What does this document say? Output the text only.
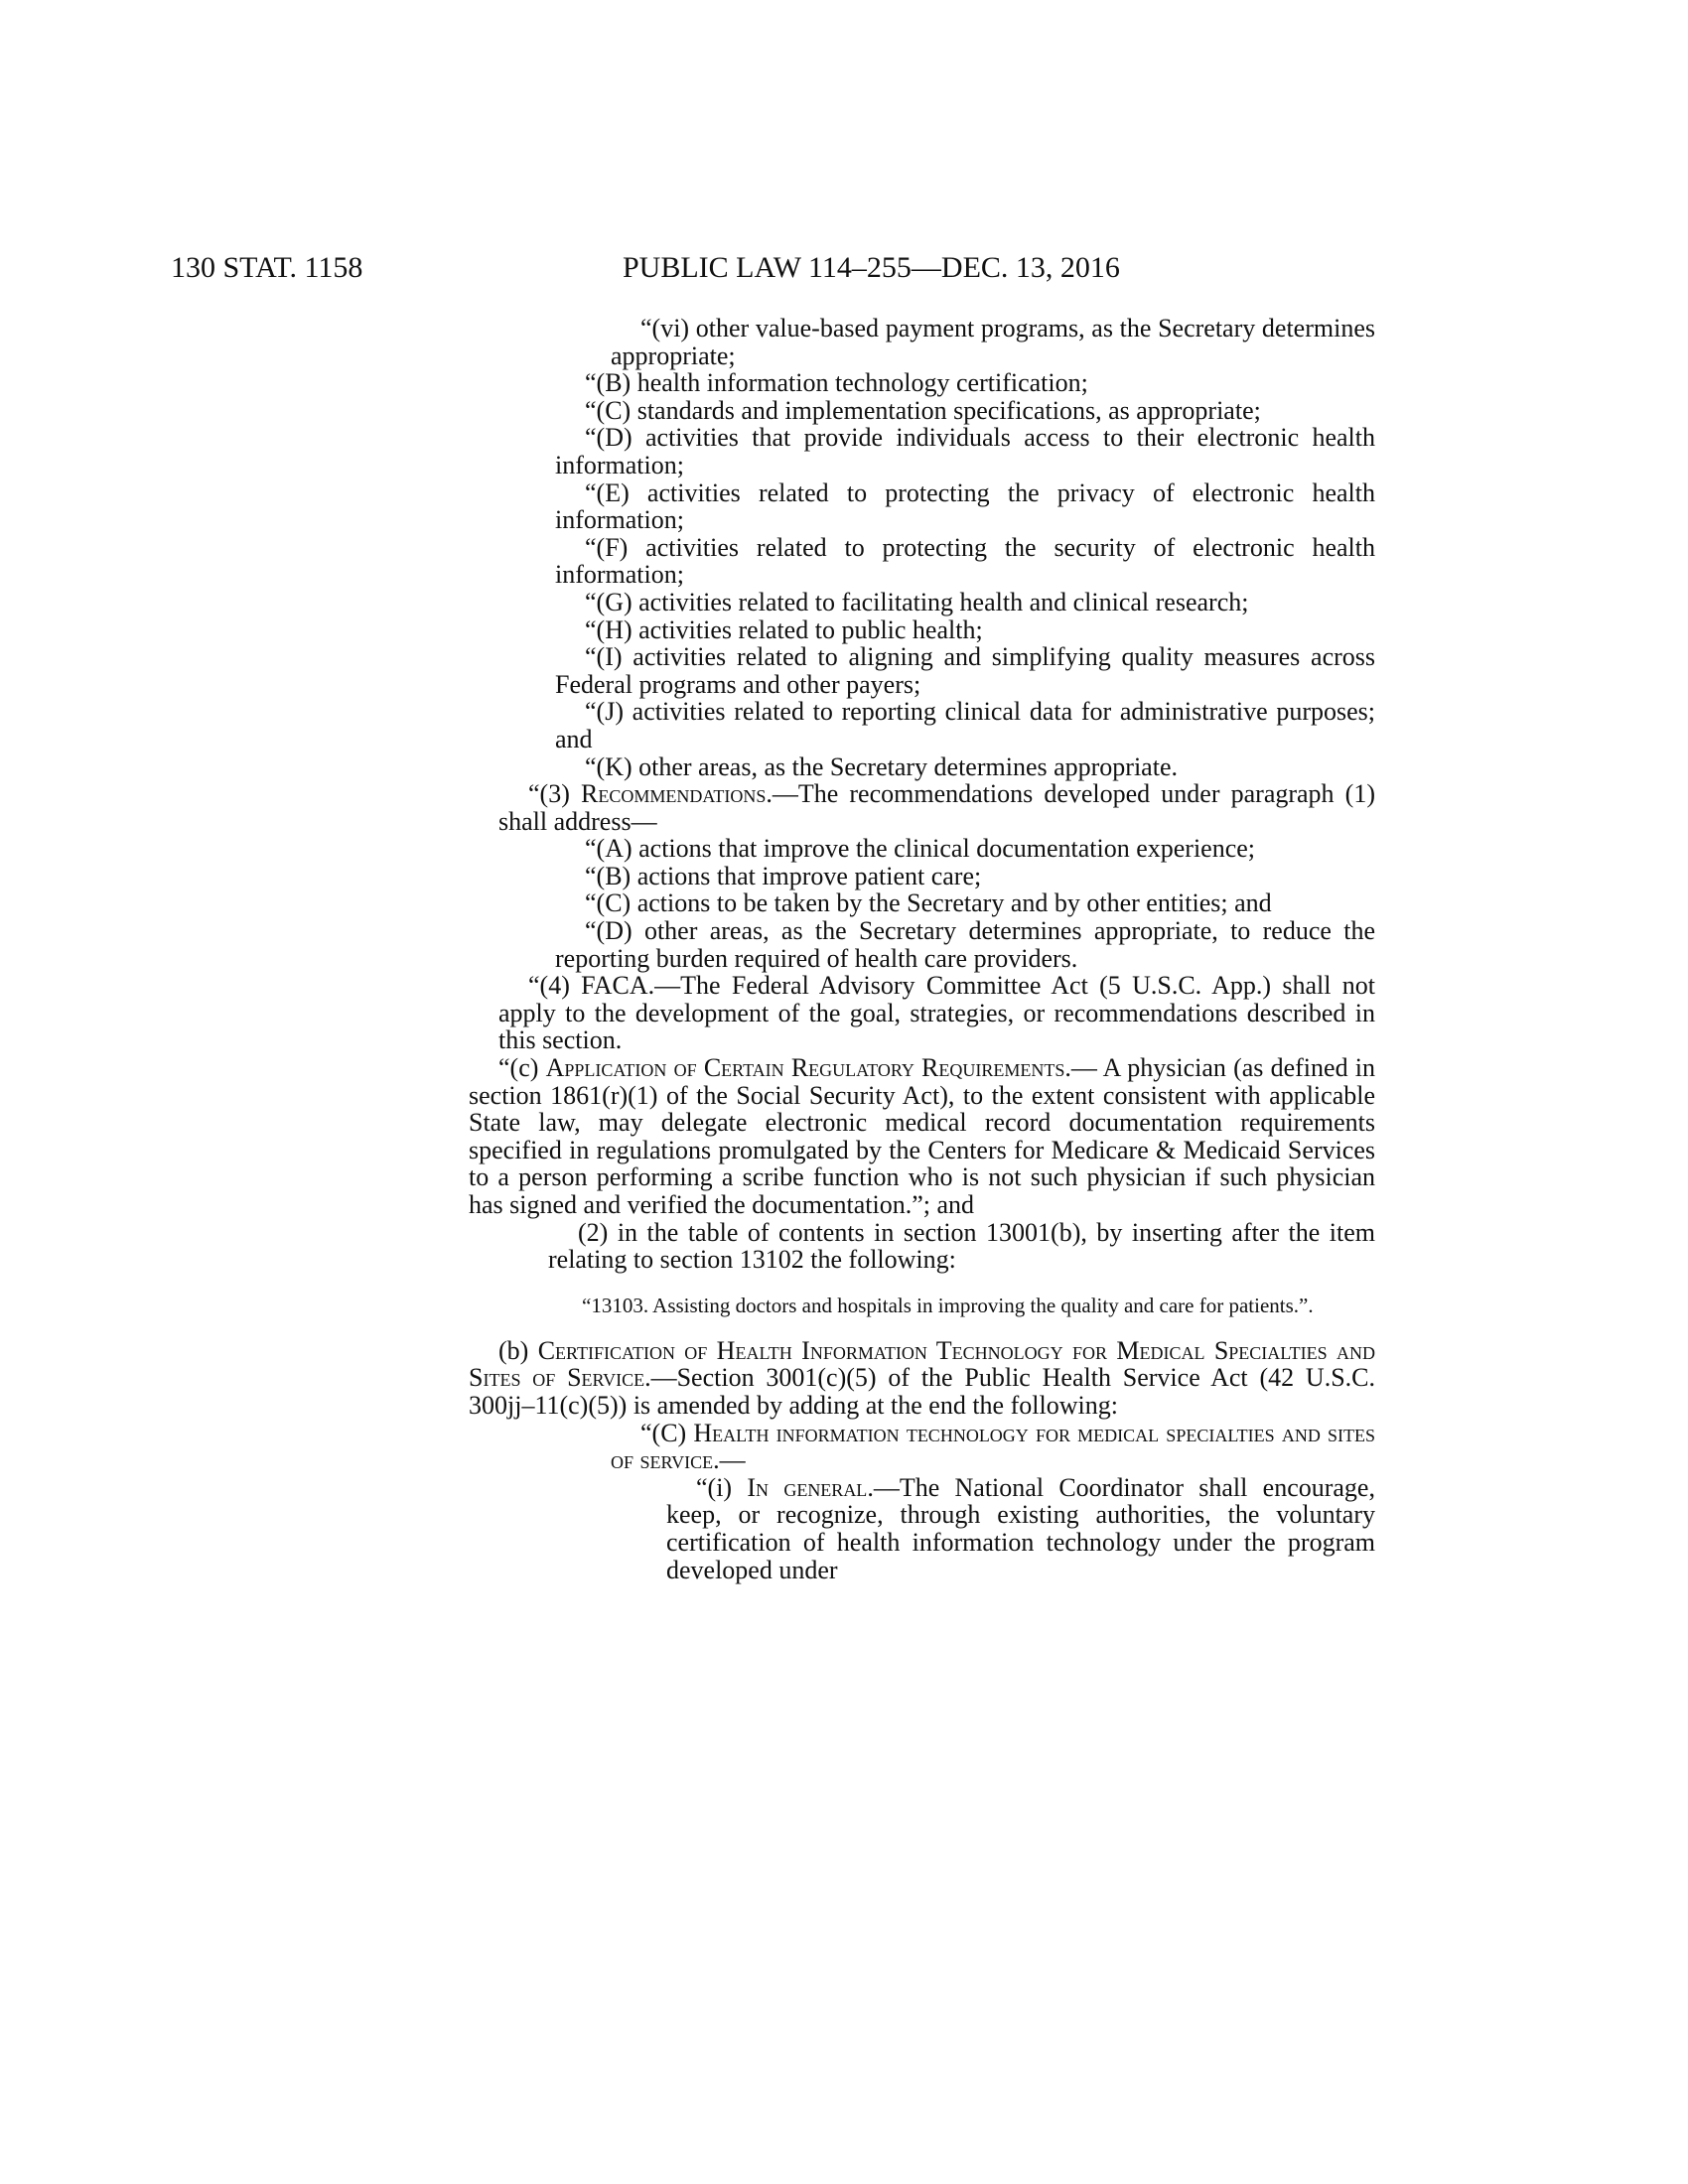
130 STAT. 1158	PUBLIC LAW 114–255—DEC. 13, 2016

“(vi) other value-based payment programs, as the Secretary determines appropriate;

“(B) health information technology certification;

“(C) standards and implementation specifications, as appropriate;

“(D) activities that provide individuals access to their electronic health information;

“(E) activities related to protecting the privacy of electronic health information;

“(F) activities related to protecting the security of electronic health information;

“(G) activities related to facilitating health and clinical research;

“(H) activities related to public health;

“(I) activities related to aligning and simplifying quality measures across Federal programs and other payers;

“(J) activities related to reporting clinical data for administrative purposes; and

“(K) other areas, as the Secretary determines appropriate.

“(3) Recommendations.—The recommendations developed under paragraph (1) shall address—

“(A) actions that improve the clinical documentation experience;

“(B) actions that improve patient care;

“(C) actions to be taken by the Secretary and by other entities; and

“(D) other areas, as the Secretary determines appropriate, to reduce the reporting burden required of health care providers.

“(4) FACA.—The Federal Advisory Committee Act (5 U.S.C. App.) shall not apply to the development of the goal, strategies, or recommendations described in this section.

“(c) Application of Certain Regulatory Requirements.— A physician (as defined in section 1861(r)(1) of the Social Security Act), to the extent consistent with applicable State law, may delegate electronic medical record documentation requirements specified in regulations promulgated by the Centers for Medicare & Medicaid Services to a person performing a scribe function who is not such physician if such physician has signed and verified the documentation.”; and

(2) in the table of contents in section 13001(b), by inserting after the item relating to section 13102 the following:

“13103. Assisting doctors and hospitals in improving the quality and care for patients.”.

(b) Certification of Health Information Technology for Medical Specialties and Sites of Service.—Section 3001(c)(5) of the Public Health Service Act (42 U.S.C. 300jj–11(c)(5)) is amended by adding at the end the following:

“(C) Health information technology for medical specialties and sites of service.—

“(i) In general.—The National Coordinator shall encourage, keep, or recognize, through existing authorities, the voluntary certification of health information technology under the program developed under
